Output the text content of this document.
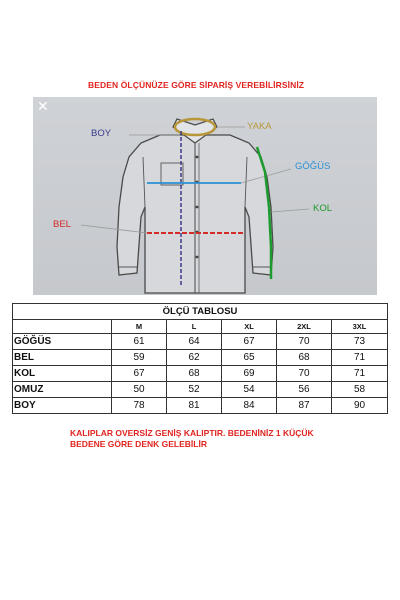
BEDEN ÖLÇÜNÜZE GÖRE SİPARİŞ VEREBİLİRSİNİZ
✕
BOY
YAKA
GÖĞÜS
KOL
BEL
ÖLÇÜ TABLOSU					
	M	L	XL	2XL	3XL
GÖĞÜS	61	64	67	70	73
BEL	59	62	65	68	71
KOL	67	68	69	70	71
OMUZ	50	52	54	56	58
BOY	78	81	84	87	90
KALIPLAR OVERSİZ GENİŞ KALIPTIR. BEDENİNİZ 1 KÜÇÜK
BEDENE GÖRE DENK GELEBİLİR
